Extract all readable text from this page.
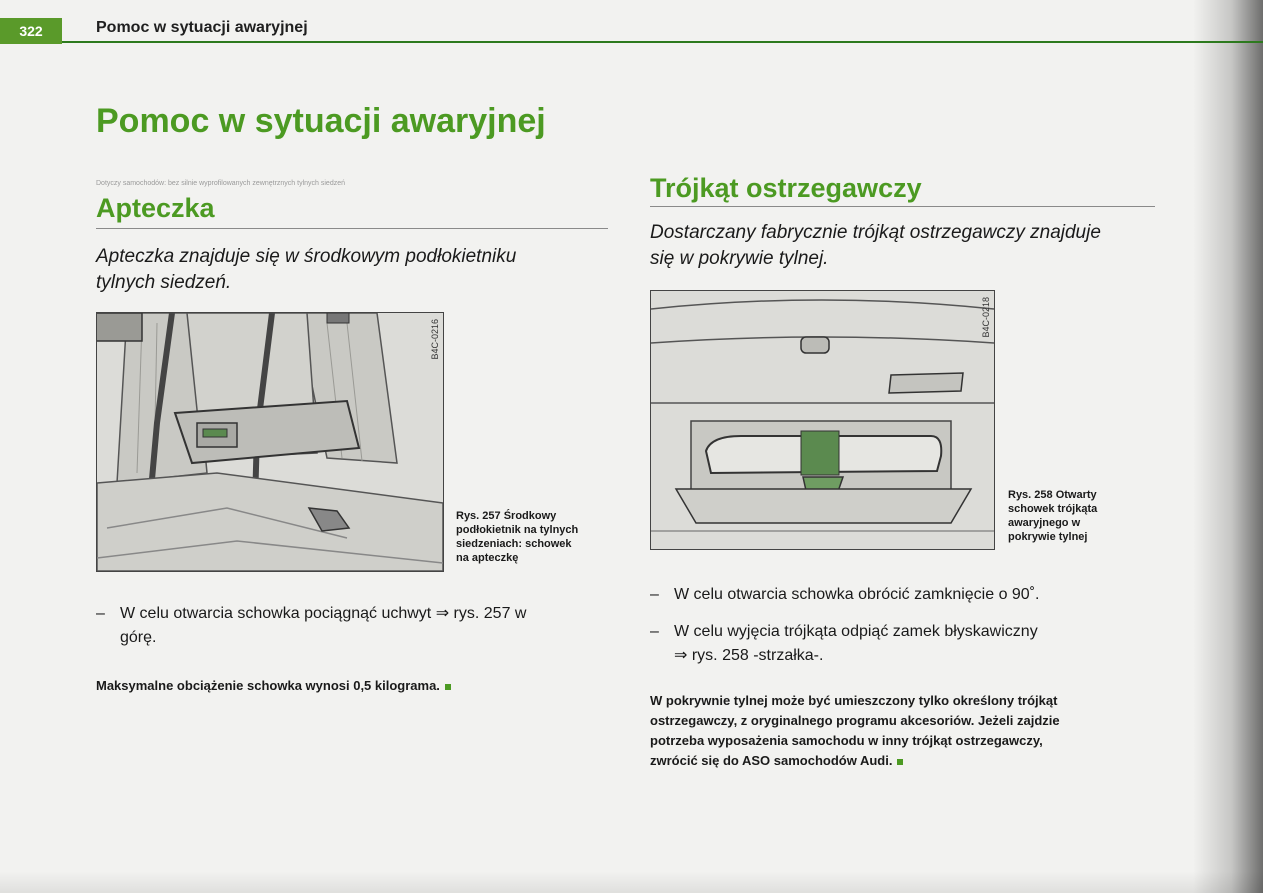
322	Pomoc w sytuacji awaryjnej
Pomoc w sytuacji awaryjnej
Dotyczy samochodów: bez silnie wyprofilowanych zewnętrznych tylnych siedzeń
Apteczka

Apteczka znajduje się w środkowym podłokietniku

tylnych siedzeń.

B4C-0216
Rys. 257 Środkowy
podłokietnik na tylnych
siedzeniach: schowek
na apteczkę
– W celu otwarcia schowka pociągnąć uchwyt ⇒ rys. 257 w
górę.
Maksymalne obciążenie schowka wynosi 0,5 kilograma.
Trójkąt ostrzegawczy

Dostarczany fabrycznie trójkąt ostrzegawczy znajduje

się w pokrywie tylnej.

B4C-0218
Rys. 258 Otwarty
schowek trójkąta
awaryjnego w
pokrywie tylnej
– W celu otwarcia schowka obrócić zamknięcie o 90˚.
– W celu wyjęcia trójkąta odpiąć zamek błyskawiczny
⇒ rys. 258 -strzałka-.
W pokrywnie tylnej może być umieszczony tylko określony trójkąt
ostrzegawczy, z oryginalnego programu akcesoriów. Jeżeli zajdzie
potrzeba wyposażenia samochodu w inny trójkąt ostrzegawczy,
zwrócić się do ASO samochodów Audi.
